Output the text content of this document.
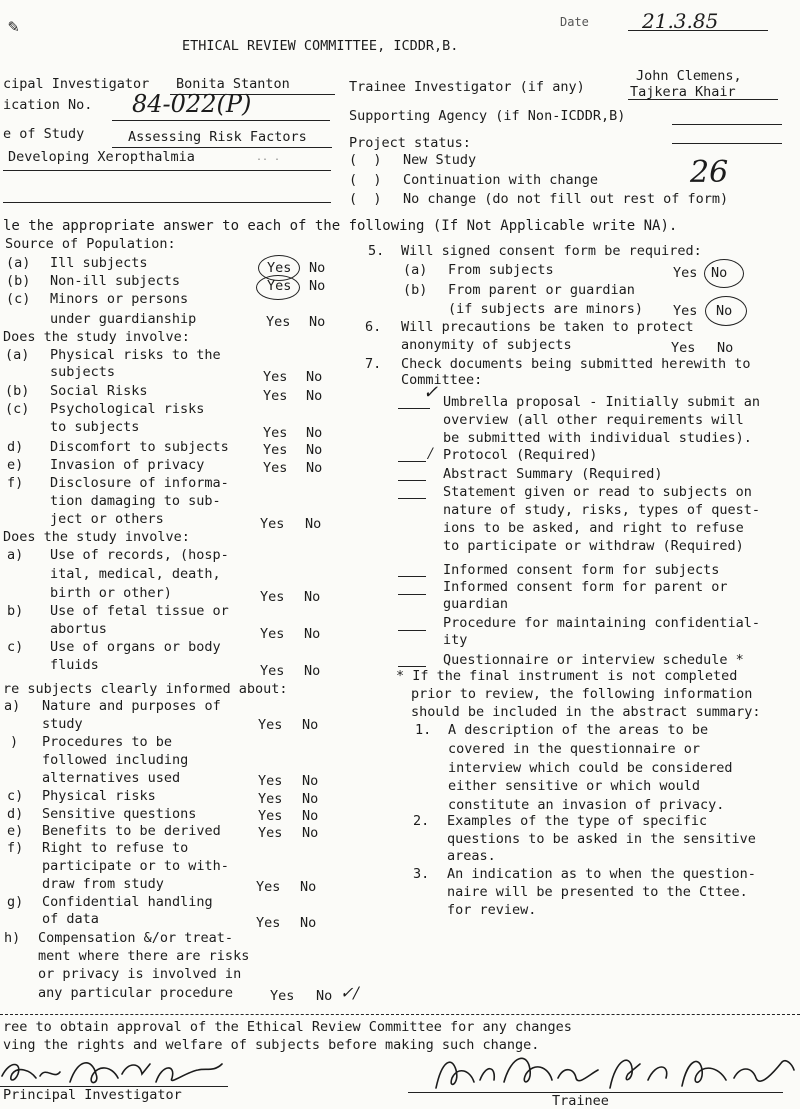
✎	Date	21.3.85
ETHICAL REVIEW COMMITTEE, ICDDR,B.
cipal Investigator Bonita Stanton
ication No. 84-022(P)
e of Study	Assessing Risk Factors
Developing Xeropthalmia	.. .
Trainee Investigator (if any)
John Clemens,
Tajkera Khair
Supporting Agency (if Non-ICDDR,B)
Project status:
(  ) New Study	26
(  ) Continuation with change
(  ) No change (do not fill out rest of form)
le the appropriate answer to each of the following (If Not Applicable write NA).
Source of Population:
(a) Ill subjects	Yes No
(b) Non-ill subjects	Yes No
(c) Minors or persons
under guardianship	Yes No
Does the study involve:
(a) Physical risks to the
subjects	Yes No
(b) Social Risks	Yes No
(c) Psychological risks
to subjects	Yes No
d) Discomfort to subjects	Yes No
e) Invasion of privacy	Yes No
f) Disclosure of informa-
tion damaging to sub-
ject or others	Yes No
Does the study involve:
a) Use of records, (hosp-
ital, medical, death,
birth or other)	Yes No
b) Use of fetal tissue or
abortus	Yes No
c) Use of organs or body
fluids	Yes No
re subjects clearly informed about:
a) Nature and purposes of
study	Yes No
) Procedures to be
followed including
alternatives used	Yes No
c) Physical risks	Yes No
d) Sensitive questions	Yes No
e) Benefits to be derived	Yes No
f) Right to refuse to
participate or to with-
draw from study	Yes No
g) Confidential handling
of data	Yes No
h) Compensation &/or treat-
ment where there are risks
or privacy is involved in
any particular procedure	Yes No ✓/
5. Will signed consent form be required:
(a) From subjects	Yes No
(b) From parent or guardian
(if subjects are minors) Yes No
6. Will precautions be taken to protect
anonymity of subjects	Yes No
7. Check documents being submitted herewith to
Committee:
✓ Umbrella proposal - Initially submit an
overview (all other requirements will
be submitted with individual studies).
/ Protocol (Required)
Abstract Summary (Required)
Statement given or read to subjects on
nature of study, risks, types of quest-
ions to be asked, and right to refuse
to participate or withdraw (Required)
Informed consent form for subjects
Informed consent form for parent or
guardian
Procedure for maintaining confidential-
ity
Questionnaire or interview schedule *
* If the final instrument is not completed
prior to review, the following information
should be included in the abstract summary:
1. A description of the areas to be
covered in the questionnaire or
interview which could be considered
either sensitive or which would
constitute an invasion of privacy.
2. Examples of the type of specific
questions to be asked in the sensitive
areas.
3. An indication as to when the question-
naire will be presented to the Cttee.
for review.
ree to obtain approval of the Ethical Review Committee for any changes
ving the rights and welfare of subjects before making such change.
Principal Investigator	Trainee
